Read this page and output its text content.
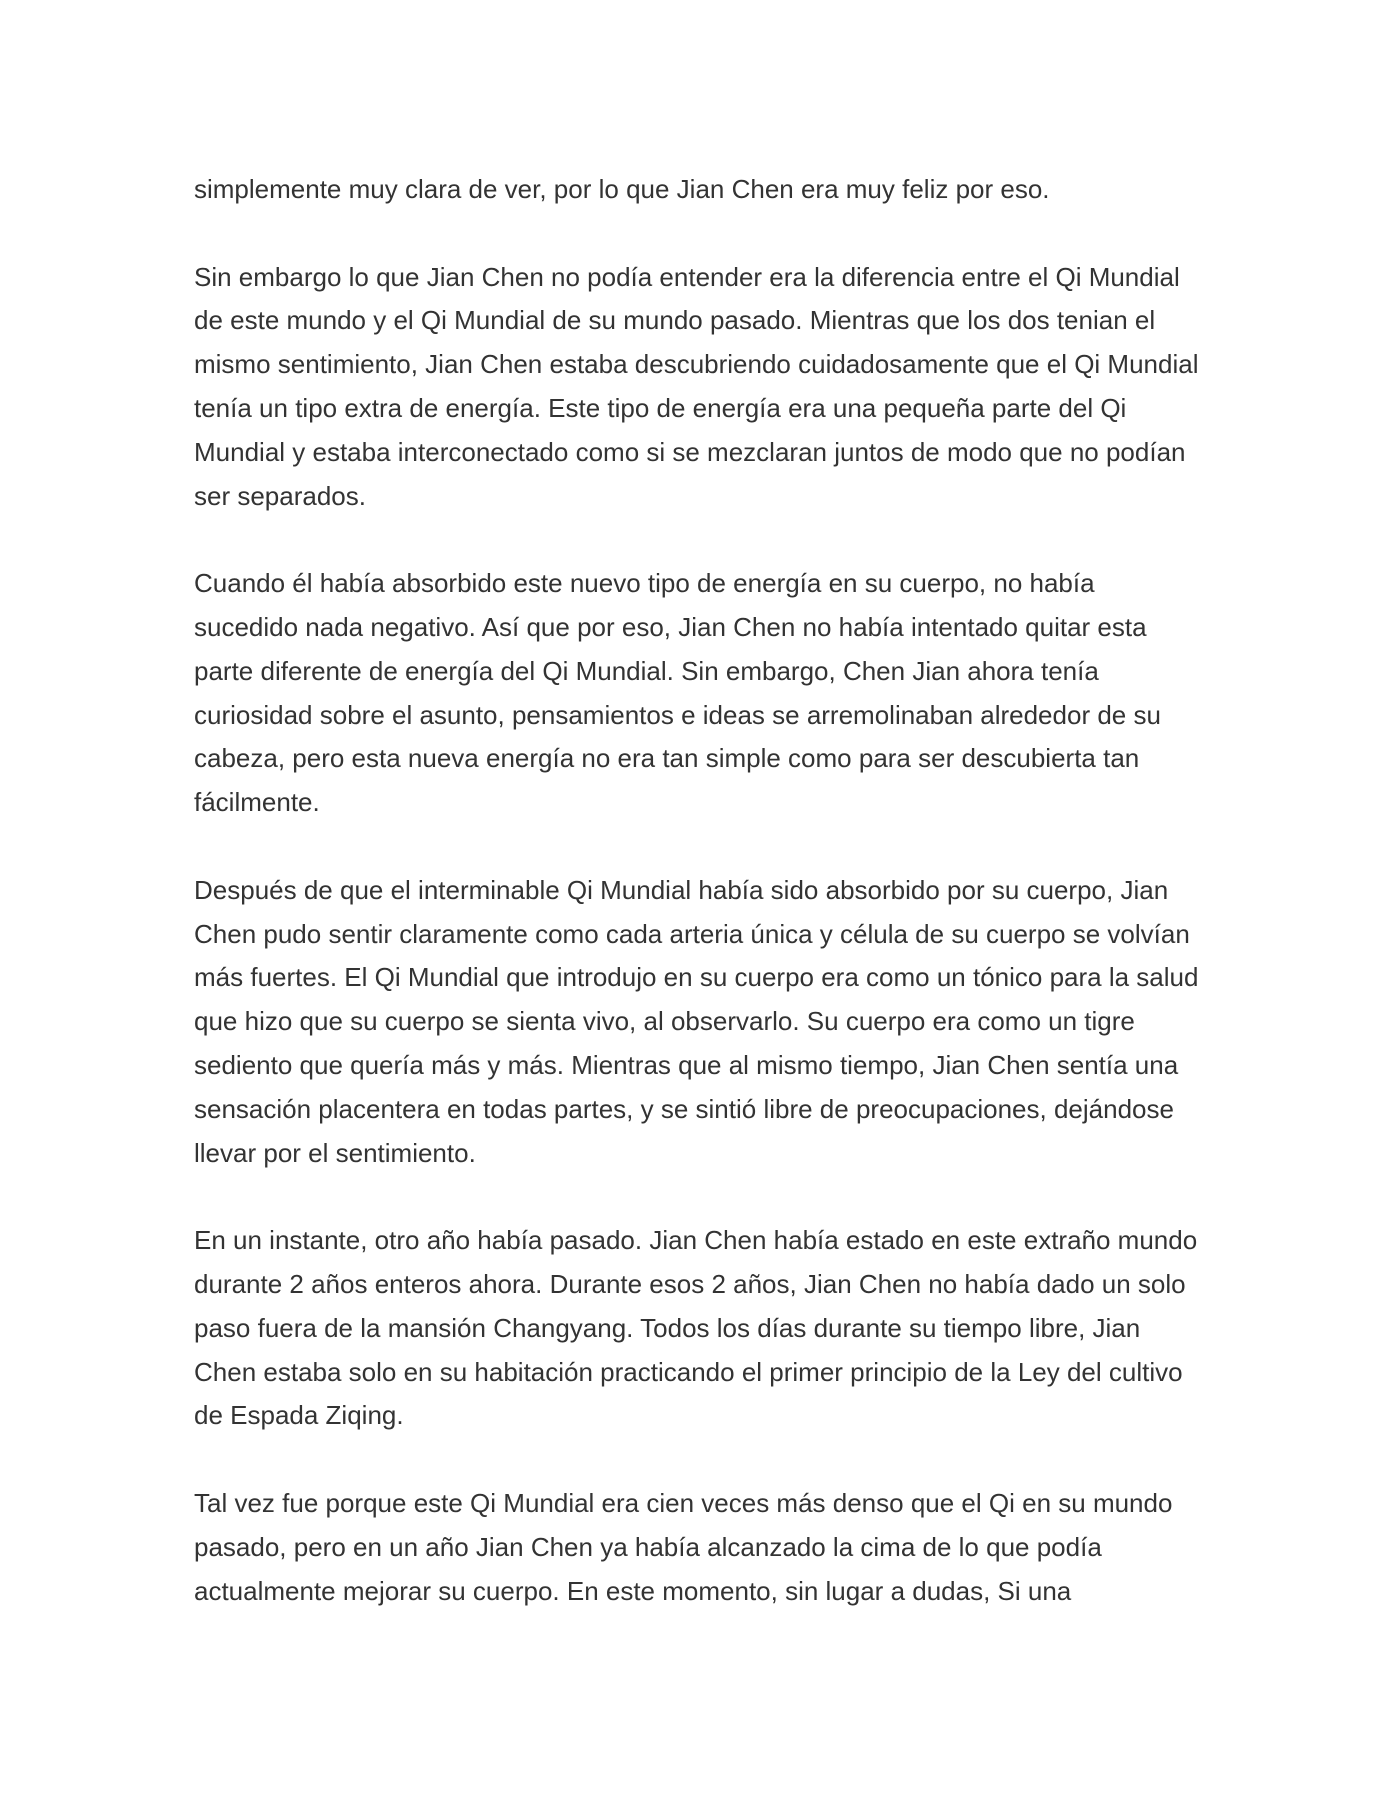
simplemente muy clara de ver, por lo que Jian Chen era muy feliz por eso.

Sin embargo lo que Jian Chen no podía entender era la diferencia entre el Qi Mundial de este mundo y el Qi Mundial de su mundo pasado. Mientras que los dos tenian el mismo sentimiento, Jian Chen estaba descubriendo cuidadosamente que el Qi Mundial tenía un tipo extra de energía. Este tipo de energía era una pequeña parte del Qi Mundial y estaba interconectado como si se mezclaran juntos de modo que no podían ser separados.

Cuando él había absorbido este nuevo tipo de energía en su cuerpo, no había sucedido nada negativo. Así que por eso, Jian Chen no había intentado quitar esta parte diferente de energía del Qi Mundial. Sin embargo, Chen Jian ahora tenía curiosidad sobre el asunto, pensamientos e ideas se arremolinaban alrededor de su cabeza, pero esta nueva energía no era tan simple como para ser descubierta tan fácilmente.

Después de que el interminable Qi Mundial había sido absorbido por su cuerpo, Jian Chen pudo sentir claramente como cada arteria única y célula de su cuerpo se volvían más fuertes. El Qi Mundial que introdujo en su cuerpo era como un tónico para la salud que hizo que su cuerpo se sienta vivo, al observarlo. Su cuerpo era como un tigre sediento que quería más y más. Mientras que al mismo tiempo, Jian Chen sentía una sensación placentera en todas partes, y se sintió libre de preocupaciones, dejándose llevar por el sentimiento.

En un instante, otro año había pasado. Jian Chen había estado en este extraño mundo durante 2 años enteros ahora. Durante esos 2 años, Jian Chen no había dado un solo paso fuera de la mansión Changyang. Todos los días durante su tiempo libre, Jian Chen estaba solo en su habitación practicando el primer principio de la Ley del cultivo de Espada Ziqing.

Tal vez fue porque este Qi Mundial era cien veces más denso que el Qi en su mundo pasado, pero en un año Jian Chen ya había alcanzado la cima de lo que podía actualmente mejorar su cuerpo. En este momento, sin lugar a dudas, Si una
